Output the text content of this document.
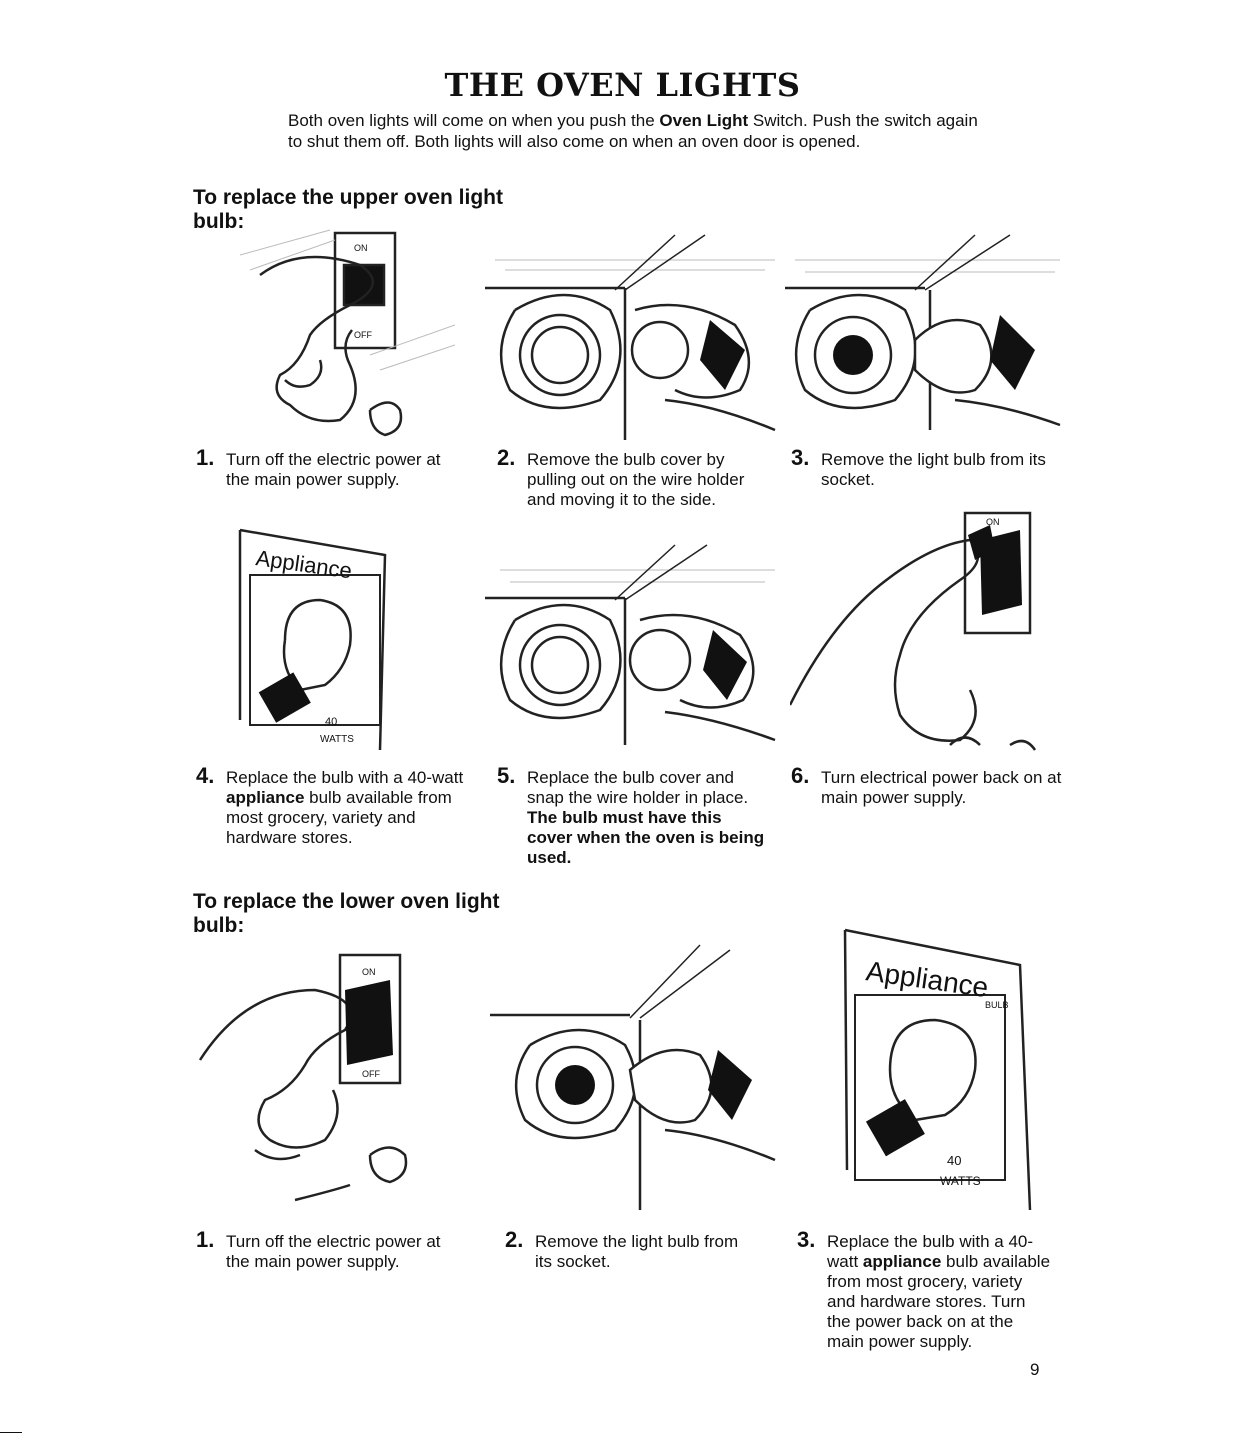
THE OVEN LIGHTS
Both oven lights will come on when you push the Oven Light Switch. Push the switch again to shut them off. Both lights will also come on when an oven door is opened.
To replace the upper oven light bulb:
ON
OFF
1. Turn off the electric power at the main power supply.
2. Remove the bulb cover by pulling out on the wire holder and moving it to the side.
3. Remove the light bulb from its socket.
Appliance
40
WATTS
ON
OFF
4. Replace the bulb with a 40-watt appliance bulb available from most grocery, variety and hardware stores.
5. Replace the bulb cover and snap the wire holder in place. The bulb must have this cover when the oven is being used.
6. Turn electrical power back on at main power supply.
To replace the lower oven light bulb:
ON
OFF
Appliance
BULB
40
WATTS
1. Turn off the electric power at the main power supply.
2. Remove the light bulb from its socket.
3. Replace the bulb with a 40-watt appliance bulb available from most grocery, variety and hardware stores. Turn the power back on at the main power supply.
9
